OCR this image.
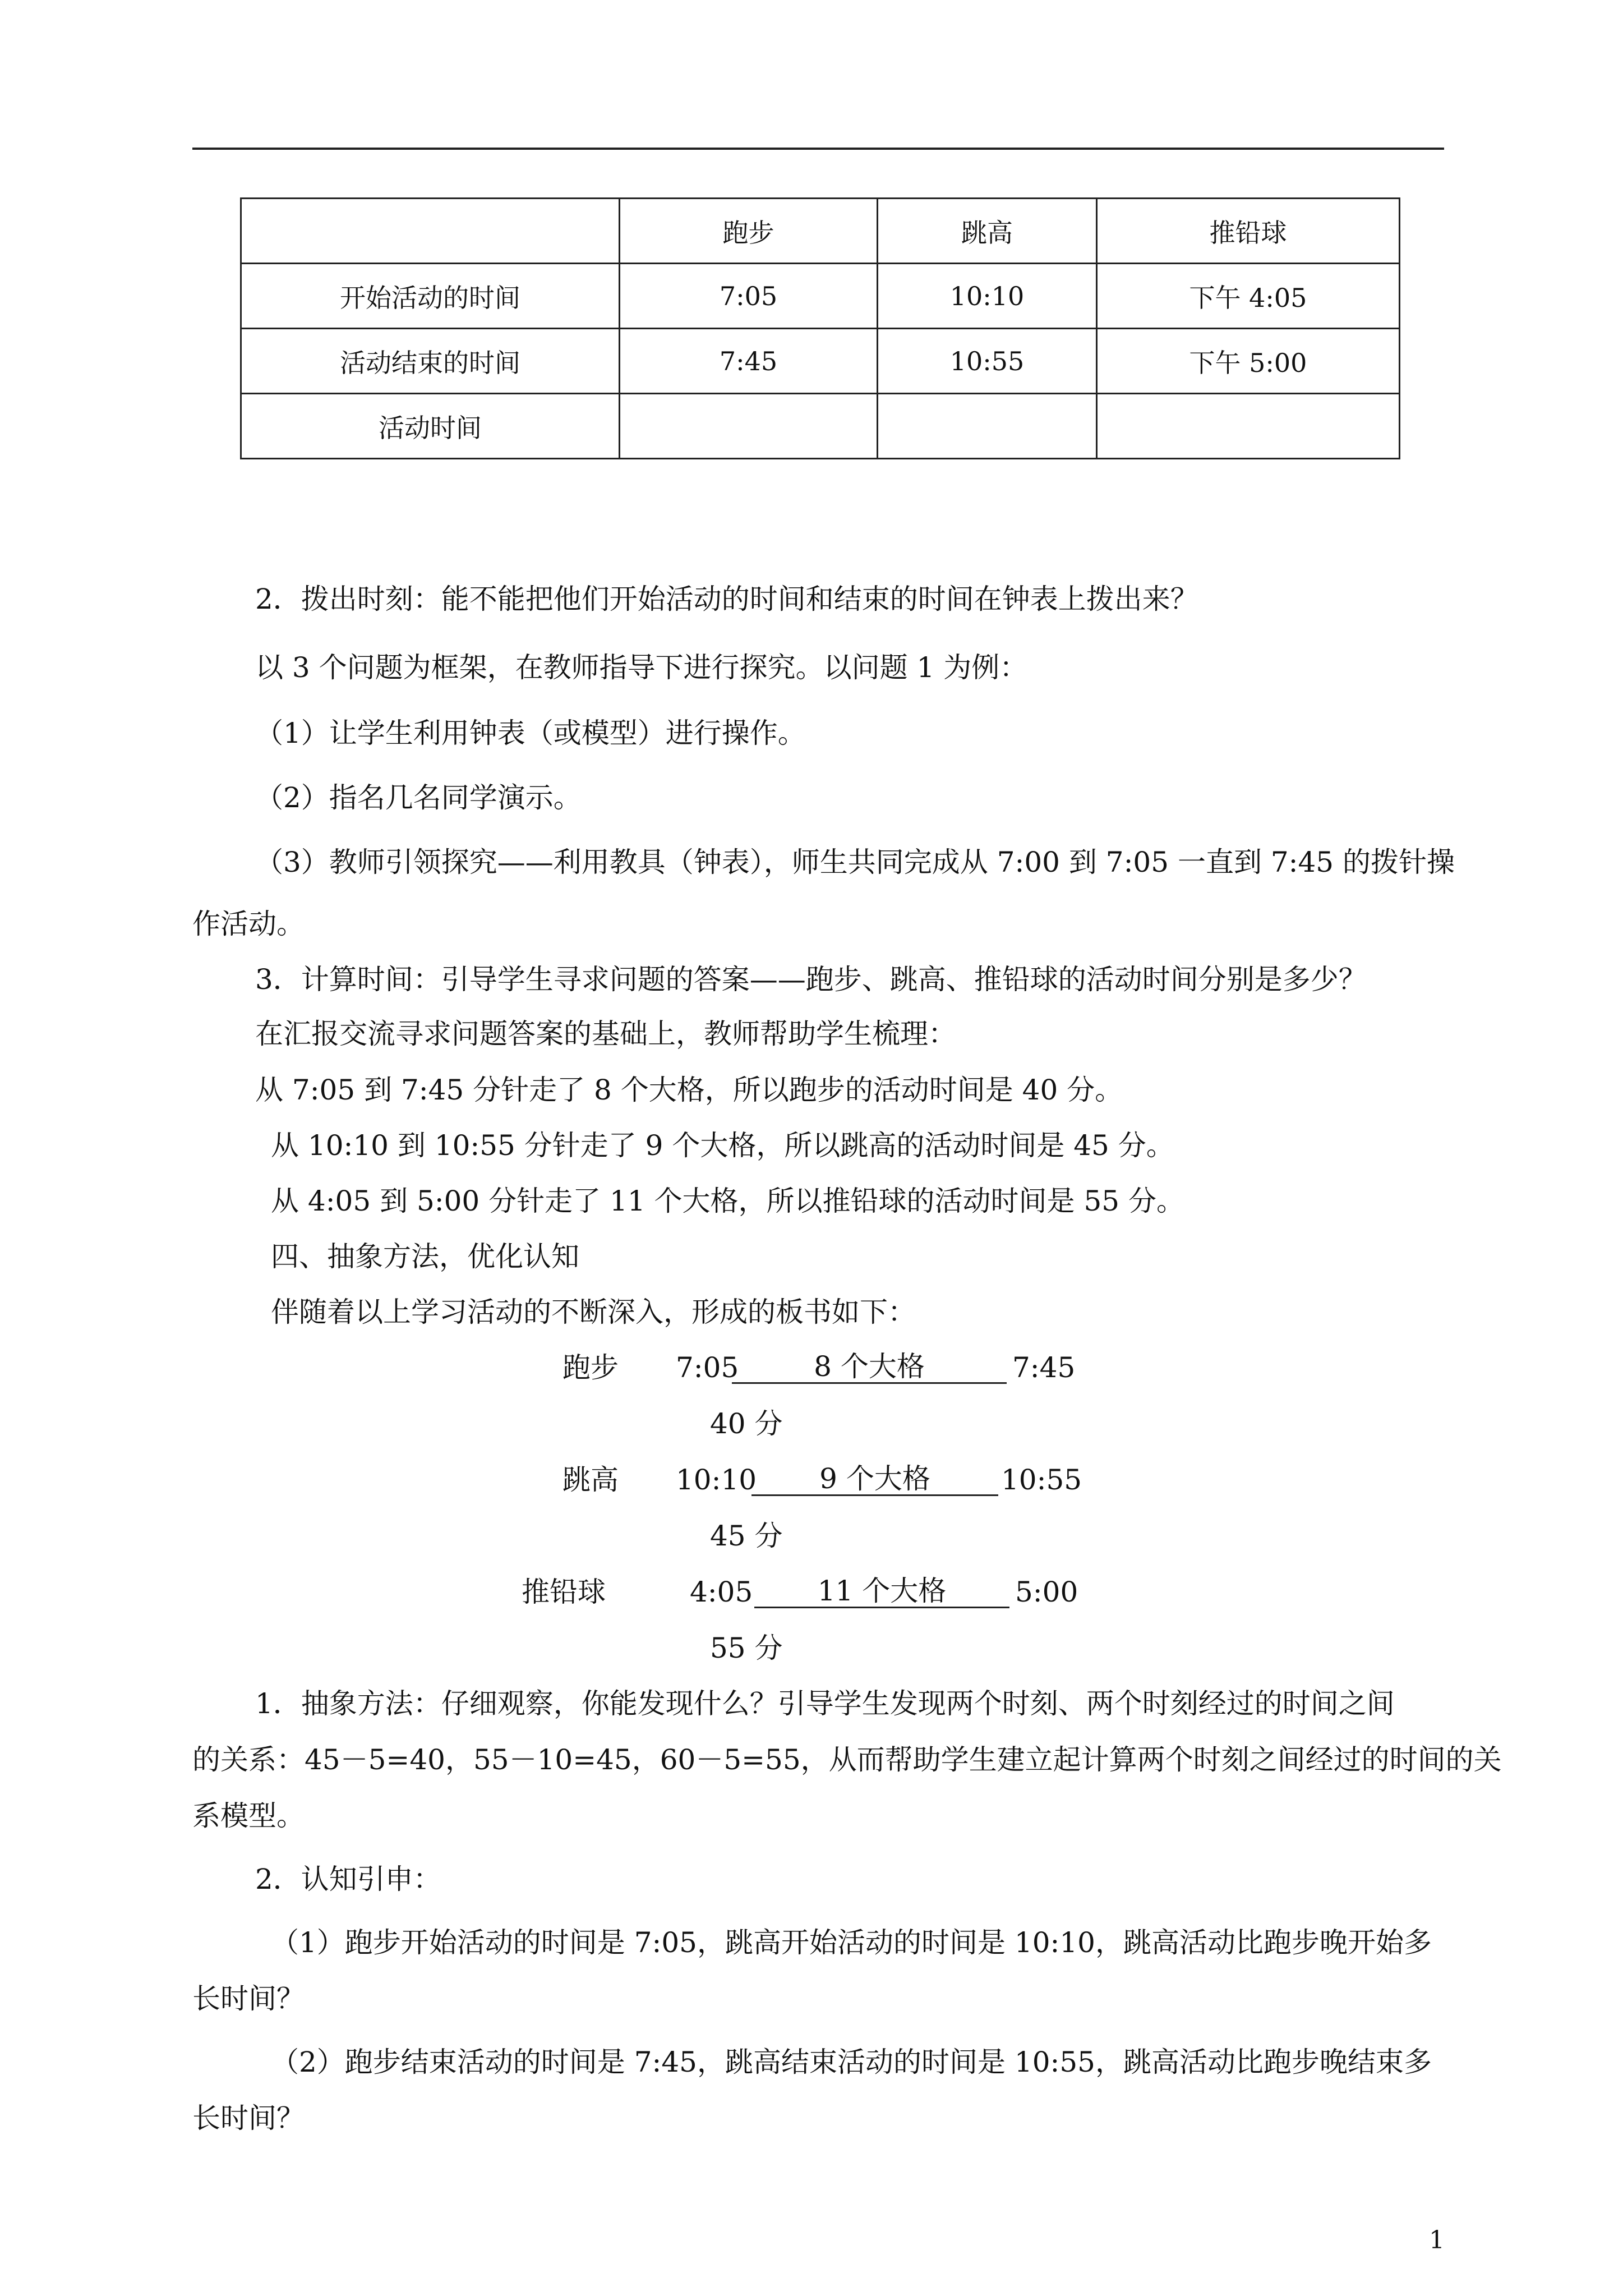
	跑步	跳高	推铅球
开始活动的时间	7:05	10:10	下午 4:05
活动结束的时间	7:45	10:55	下午 5:00
活动时间			
2．拨出时刻：能不能把他们开始活动的时间和结束的时间在钟表上拨出来？
以 3 个问题为框架，在教师指导下进行探究。以问题 1 为例：
（1）让学生利用钟表（或模型）进行操作。
（2）指名几名同学演示。
（3）教师引领探究——利用教具（钟表），师生共同完成从 7:00 到 7:05 一直到 7:45 的拨针操
作活动。
3．计算时间：引导学生寻求问题的答案——跑步、跳高、推铅球的活动时间分别是多少？
在汇报交流寻求问题答案的基础上，教师帮助学生梳理：
从 7:05 到 7:45 分针走了 8 个大格，所以跑步的活动时间是 40 分。
从 10:10 到 10:55 分针走了 9 个大格，所以跳高的活动时间是 45 分。
从 4:05 到 5:00 分针走了 11 个大格，所以推铅球的活动时间是 55 分。
四、抽象方法，优化认知
伴随着以上学习活动的不断深入，形成的板书如下：
跑步 7:05	8 个大格	7:45
40 分
跳高 10:10	9 个大格	10:55
45 分
推铅球	4:05	11 个大格	5:00
55 分
1．抽象方法：仔细观察，你能发现什么？引导学生发现两个时刻、两个时刻经过的时间之间
的关系：45－5=40，55－10=45，60－5=55，从而帮助学生建立起计算两个时刻之间经过的时间的关
系模型。
2．认知引申：
（1）跑步开始活动的时间是 7:05，跳高开始活动的时间是 10:10，跳高活动比跑步晚开始多
长时间？
（2）跑步结束活动的时间是 7:45，跳高结束活动的时间是 10:55，跳高活动比跑步晚结束多
长时间？
1
